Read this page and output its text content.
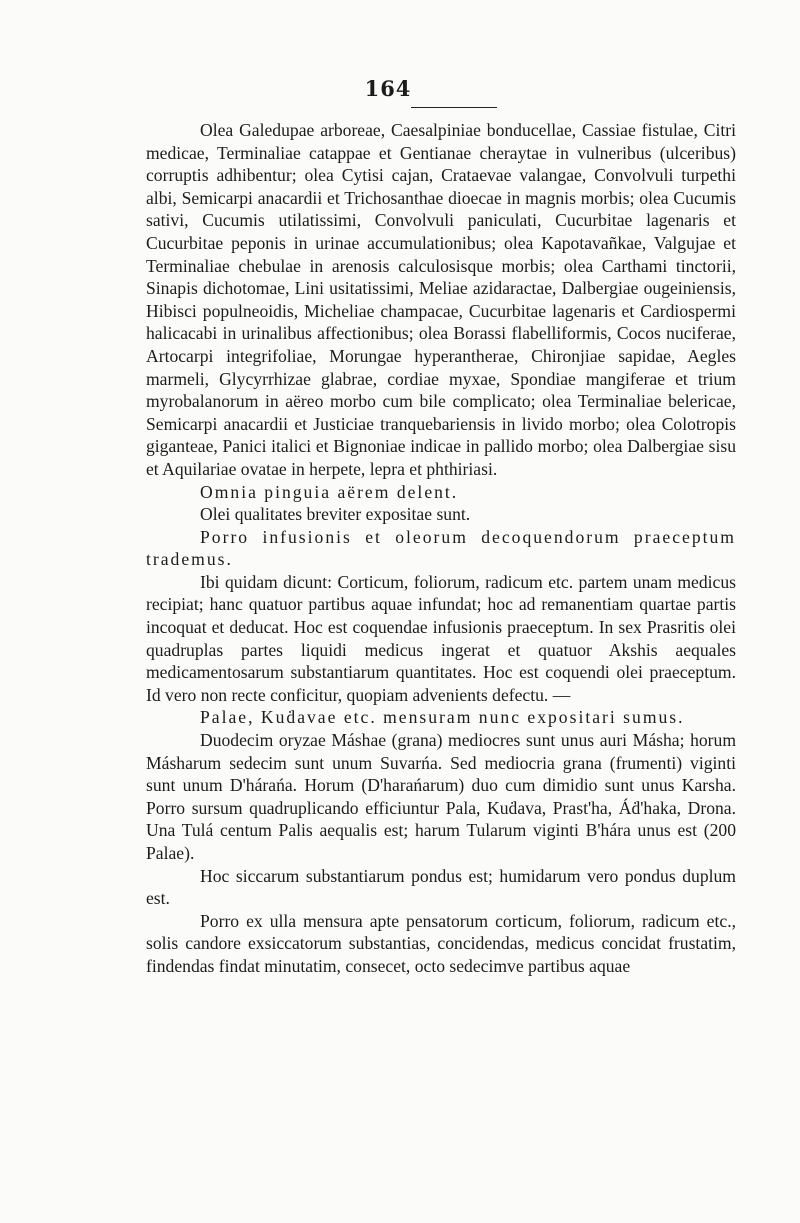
164

Olea Galedupae arboreae, Caesalpiniae bonducellae, Cassiae fistulae, Citri medicae, Terminaliae catappae et Gentianae cheraytae in vulneribus (ulceribus) corruptis adhibentur; olea Cytisi cajan, Crataevae valangae, Convolvuli turpethi albi, Semicarpi anacardii et Trichosanthae dioecae in magnis morbis; olea Cucumis sativi, Cucumis utilatissimi, Convolvuli paniculati, Cucurbitae lagenaris et Cucurbitae peponis in urinae accumulationibus; olea Kapotavañkae, Valgujae et Terminaliae chebulae in arenosis calculosisque morbis; olea Carthami tinctorii, Sinapis dichotomae, Lini usitatissimi, Meliae azidaractae, Dalbergiae ougeiniensis, Hibisci populneoidis, Micheliae champacae, Cucurbitae lagenaris et Cardiospermi halicacabi in urinalibus affectionibus; olea Borassi flabelliformis, Cocos nuciferae, Artocarpi integrifoliae, Morungae hyperantherae, Chironjiae sapidae, Aegles marmeli, Glycyrrhizae glabrae, cordiae myxae, Spondiae mangiferae et trium myrobalanorum in aëreo morbo cum bile complicato; olea Terminaliae belericae, Semicarpi anacardii et Justiciae tranquebariensis in livido morbo; olea Colotropis giganteae, Panici italici et Bignoniae indicae in pallido morbo; olea Dalbergiae sisu et Aquilariae ovatae in herpete, lepra et phthiriasi.

Omnia pinguia aërem delent.

Olei qualitates breviter expositae sunt.

Porro infusionis et oleorum decoquendorum praeceptum trademus.

Ibi quidam dicunt: Corticum, foliorum, radicum etc. partem unam medicus recipiat; hanc quatuor partibus aquae infundat; hoc ad remanentiam quartae partis incoquat et deducat. Hoc est coquendae infusionis praeceptum. In sex Prasritis olei quadruplas partes liquidi medicus ingerat et quatuor Akshis aequales medicamentosarum substantiarum quantitates. Hoc est coquendi olei praeceptum. Id vero non recte conficitur, quopiam advenients defectu. —

Palae, Kuḋavae etc. mensuram nunc expositari sumus.

Duodecim oryzae Máshae (grana) mediocres sunt unus auri Másha; horum Másharum sedecim sunt unum Suvarńa. Sed mediocria grana (frumenti) viginti sunt unum D'hárańa. Horum (D'harańarum) duo cum dimidio sunt unus Karsha. Porro sursum quadruplicando efficiuntur Pala, Kuḋava, Prast'ha, Áḋ'haka, Drona. Una Tulá centum Palis aequalis est; harum Tularum viginti B'hára unus est (200 Palae).

Hoc siccarum substantiarum pondus est; humidarum vero pondus duplum est.

Porro ex ulla mensura apte pensatorum corticum, foliorum, radicum etc., solis candore exsiccatorum substantias, concidendas, medicus concidat frustatim, findendas findat minutatim, consecet, octo sedecimve partibus aquae
